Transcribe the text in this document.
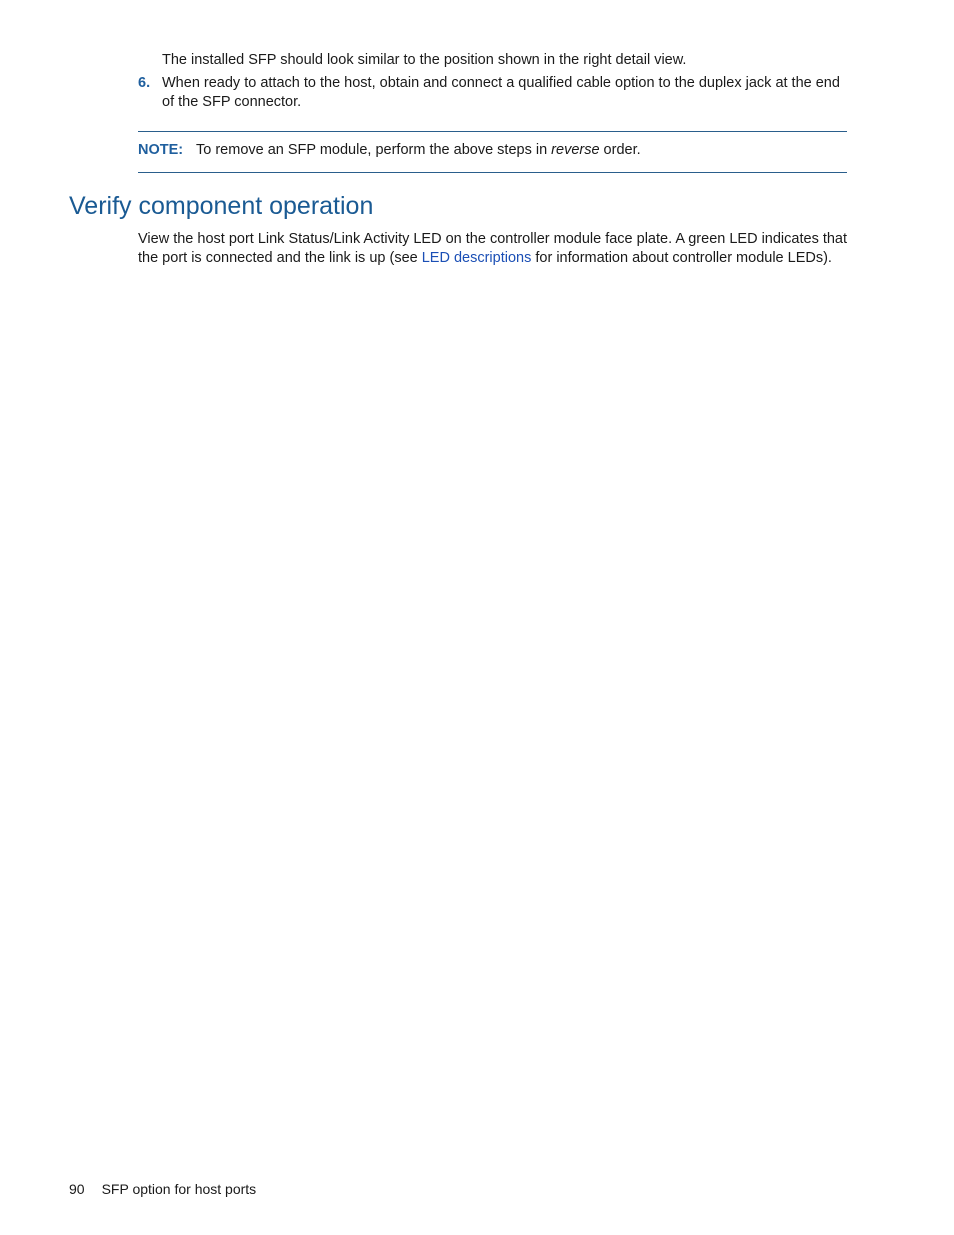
The installed SFP should look similar to the position shown in the right detail view.

6. When ready to attach to the host, obtain and connect a qualified cable option to the duplex jack at the end of the SFP connector.
NOTE: To remove an SFP module, perform the above steps in reverse order.
Verify component operation

View the host port Link Status/Link Activity LED on the controller module face plate. A green LED indicates that the port is connected and the link is up (see LED descriptions for information about controller module LEDs).

90 SFP option for host ports
